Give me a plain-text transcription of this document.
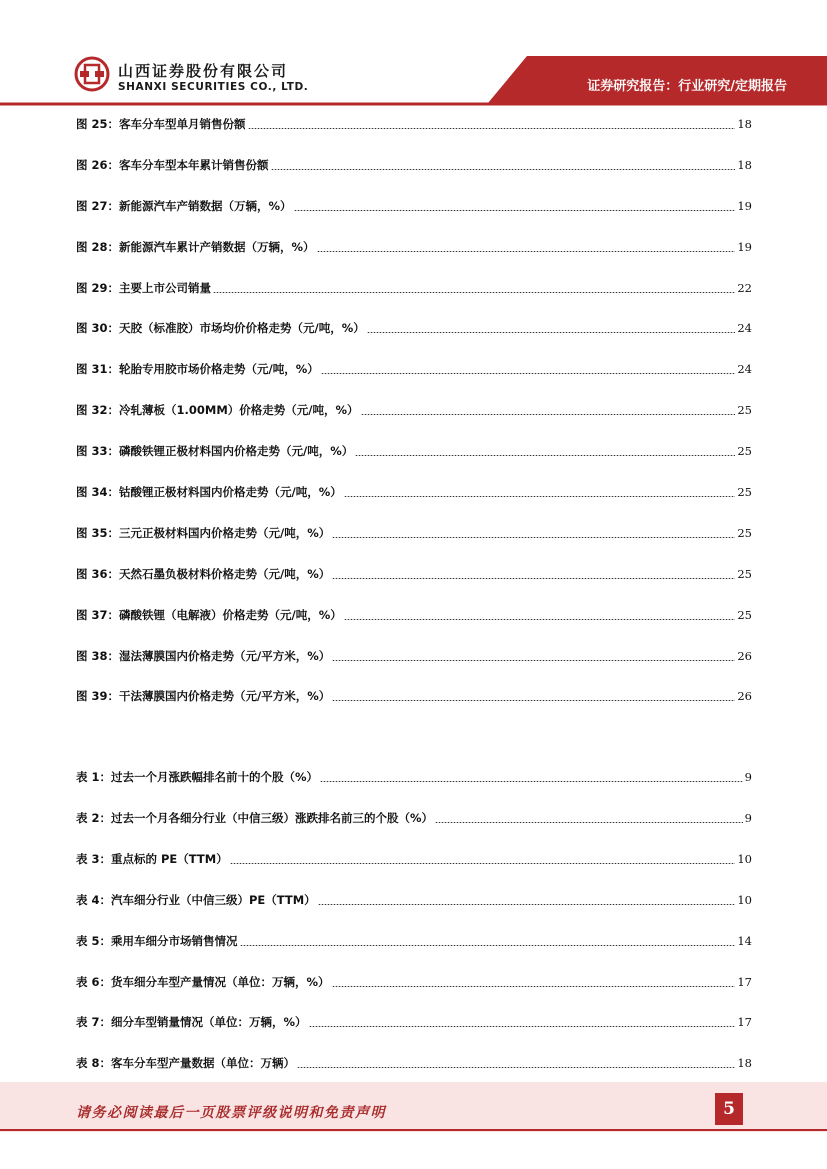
山西证券股份有限公司
SHANXI SECURITIES CO., LTD.	证券研究报告：行业研究/定期报告
图 25：客车分车型单月销售份额	18
图 26：客车分车型本年累计销售份额	18
图 27：新能源汽车产销数据（万辆，%）	19
图 28：新能源汽车累计产销数据（万辆，%）	19
图 29：主要上市公司销量	22
图 30：天胶（标准胶）市场均价价格走势（元/吨，%）	24
图 31：轮胎专用胶市场价格走势（元/吨，%）	24
图 32：冷轧薄板（1.00MM）价格走势（元/吨，%）	25
图 33：磷酸铁锂正极材料国内价格走势（元/吨，%）	25
图 34：钴酸锂正极材料国内价格走势（元/吨，%）	25
图 35：三元正极材料国内价格走势（元/吨，%）	25
图 36：天然石墨负极材料价格走势（元/吨，%）	25
图 37：磷酸铁锂（电解液）价格走势（元/吨，%）	25
图 38：湿法薄膜国内价格走势（元/平方米，%）	26
图 39：干法薄膜国内价格走势（元/平方米，%）	26
表 1：过去一个月涨跌幅排名前十的个股（%）	9
表 2：过去一个月各细分行业（中信三级）涨跌排名前三的个股（%）	9
表 3：重点标的 PE（TTM）	10
表 4：汽车细分行业（中信三级）PE（TTM）	10
表 5：乘用车细分市场销售情况	14
表 6：货车细分车型产量情况（单位：万辆，%）	17
表 7：细分车型销量情况（单位：万辆，%）	17
表 8：客车分车型产量数据（单位：万辆）	18
请务必阅读最后一页股票评级说明和免责声明	5
